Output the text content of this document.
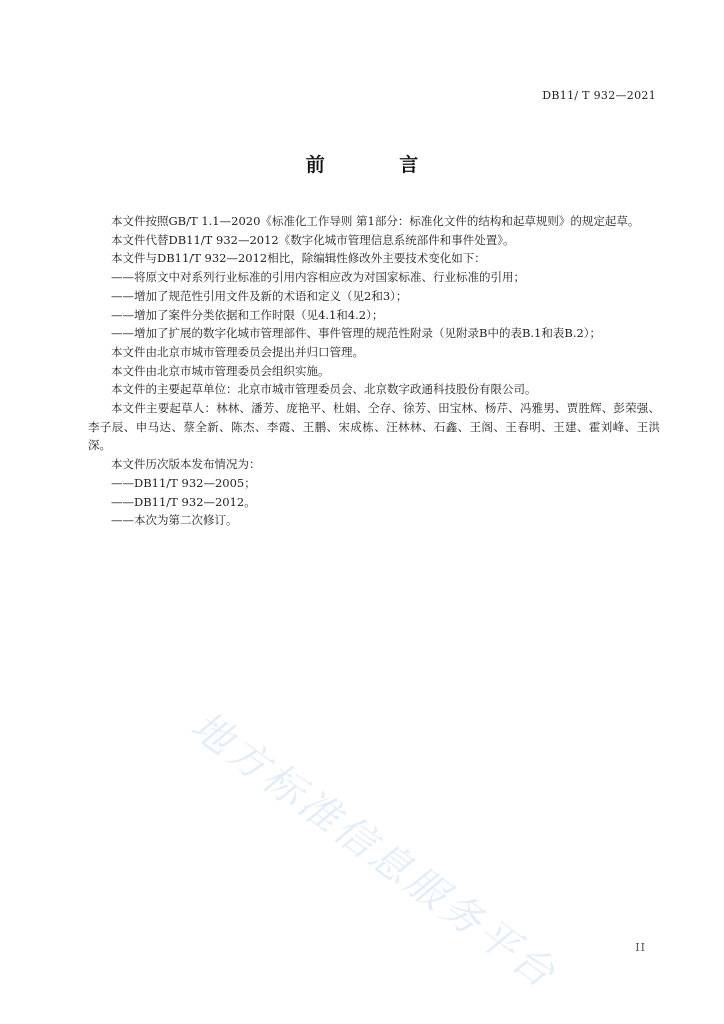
DB11/ T 932—2021
前 言

本文件按照GB/T 1.1—2020《标准化工作导则 第1部分：标准化文件的结构和起草规则》的规定起草。

本文件代替DB11/T 932—2012《数字化城市管理信息系统部件和事件处置》。

本文件与DB11/T 932—2012相比，除编辑性修改外主要技术变化如下：

——将原文中对系列行业标准的引用内容相应改为对国家标准、行业标准的引用；

——增加了规范性引用文件及新的术语和定义（见2和3）；

——增加了案件分类依据和工作时限（见4.1和4.2）；

——增加了扩展的数字化城市管理部件、事件管理的规范性附录（见附录B中的表B.1和表B.2）；

本文件由北京市城市管理委员会提出并归口管理。

本文件由北京市城市管理委员会组织实施。

本文件的主要起草单位：北京市城市管理委员会、北京数字政通科技股份有限公司。

本文件主要起草人：林林、潘芳、庞艳平、杜娟、仝存、徐芳、田宝林、杨芹、冯雅男、贾胜辉、彭荣强、李子辰、申马达、蔡全新、陈杰、李霞、王鹏、宋成栋、汪林林、石鑫、王阁、王春明、王建、霍刘峰、王洪深。

本文件历次版本发布情况为：

——DB11/T 932—2005；

——DB11/T 932—2012。

——本次为第二次修订。

地方标准信息服务平台	II
